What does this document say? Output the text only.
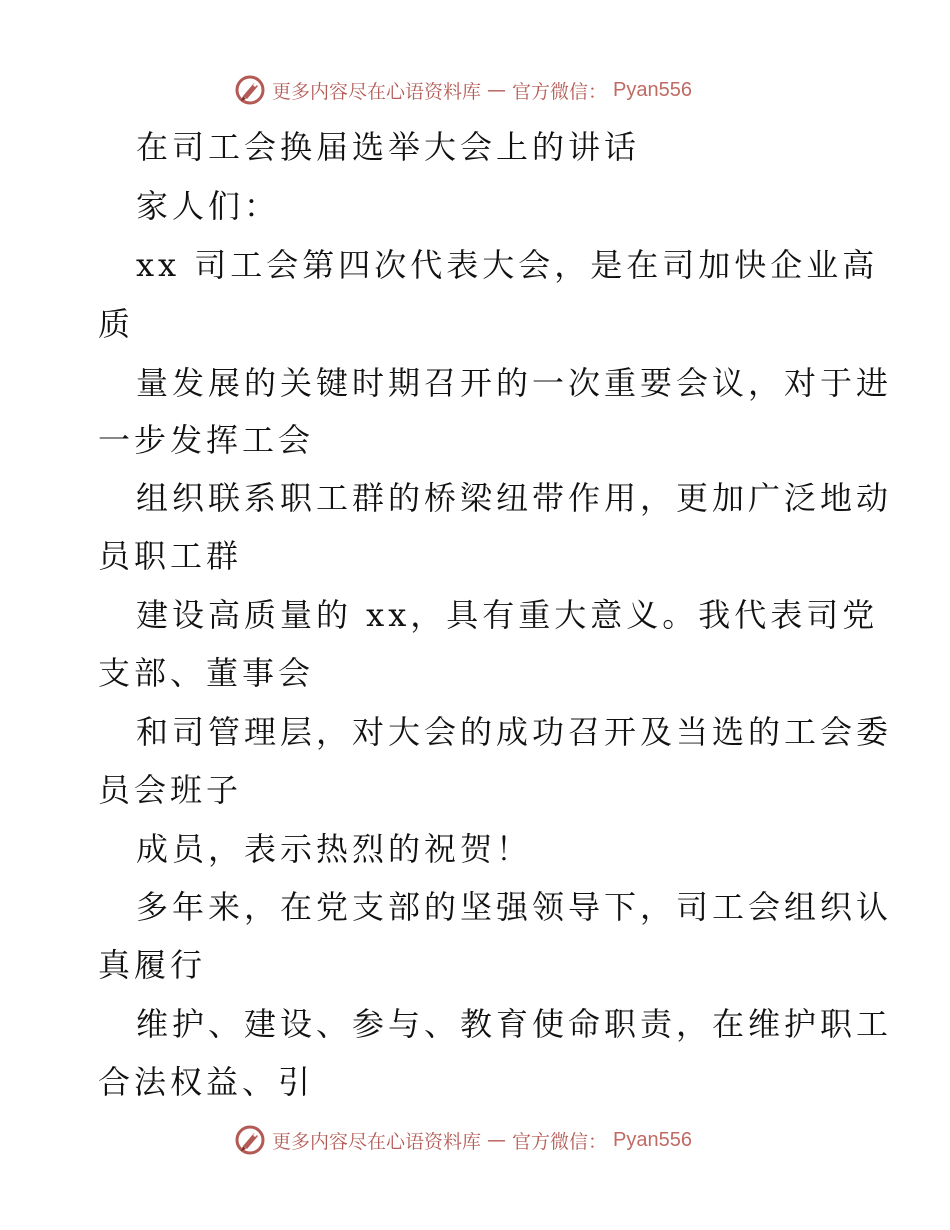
更多内容尽在心语资料库 — 官方微信： Pyan556
在司工会换届选举大会上的讲话
家人们：
xx 司工会第四次代表大会，是在司加快企业高
质
量发展的关键时期召开的一次重要会议，对于进
一步发挥工会
组织联系职工群的桥梁纽带作用，更加广泛地动
员职工群
建设高质量的 xx，具有重大意义。我代表司党
支部、董事会
和司管理层，对大会的成功召开及当选的工会委
员会班子
成员，表示热烈的祝贺！
多年来，在党支部的坚强领导下，司工会组织认
真履行
维护、建设、参与、教育使命职责，在维护职工
合法权益、引
更多内容尽在心语资料库 — 官方微信： Pyan556
